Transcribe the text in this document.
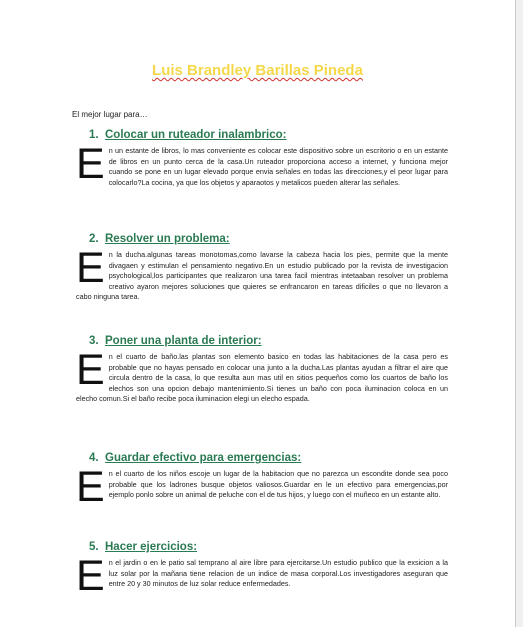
Luis Brandley Barillas Pineda
El mejor lugar para…
1. Colocar un ruteador inalambrico:
E n un estante de libros, lo mas conveniente es colocar este dispositivo sobre un escritorio o en un estante de libros en un punto cerca de la casa.Un ruteador proporciona acceso a internet, y funciona mejor cuando se pone en un lugar elevado porque envia señales en todas las direcciones,y el peor lugar para colocarlo?La cocina, ya que los objetos y aparaotos y metalicos pueden alterar las señales.
2. Resolver un problema:
E n la ducha.algunas tareas monotomas,como lavarse la cabeza hacia los pies, permite que la mente divagaen y estimulan el pensamiento negativo.En un estudio publicado por la revista de investigacion psychological,los participantes que realizaron una tarea facil mientras intetaaban resolver un problema creativo ayaron mejores soluciones que quieres se enfrancaron en tareas dificiles o que no llevaron a cabo ninguna tarea.
3. Poner una planta de interior:
E n el cuarto de baño.las plantas son elemento basico en todas las habitaciones de la casa pero es probable que no hayas pensado en colocar una junto a la ducha.Las plantas ayudan a filtrar el aire que circula dentro de la casa, lo que resulta aun mas util en sitios pequeños como los cuartos de baño los elechos son una opcion debajo mantenimiento.Si tienes un baño con poca iluminacion coloca en un elecho comun.Si el baño recibe poca iluminacion elegi un elecho espada.
4. Guardar efectivo para emergencias:
E n el cuarto de los niños escoje un lugar de la habitacion que no parezca un escondite donde sea poco probable que los ladrones busque objetos valiosos.Guardar en le un efectivo para emergencias,por ejemplo ponlo sobre un animal de peluche con el de tus hijos, y luego con el muñeco en un estante alto.
5. Hacer ejercicios:
E n el jardin o en le patio sal temprano al aire libre para ejercitarse.Un estudio publico que la exsicion a la luz solar por la mañana tiene relacion de un indice de masa corporal.Los investigadores aseguran que entre 20 y 30 minutos de luz solar reduce enfermedades.
